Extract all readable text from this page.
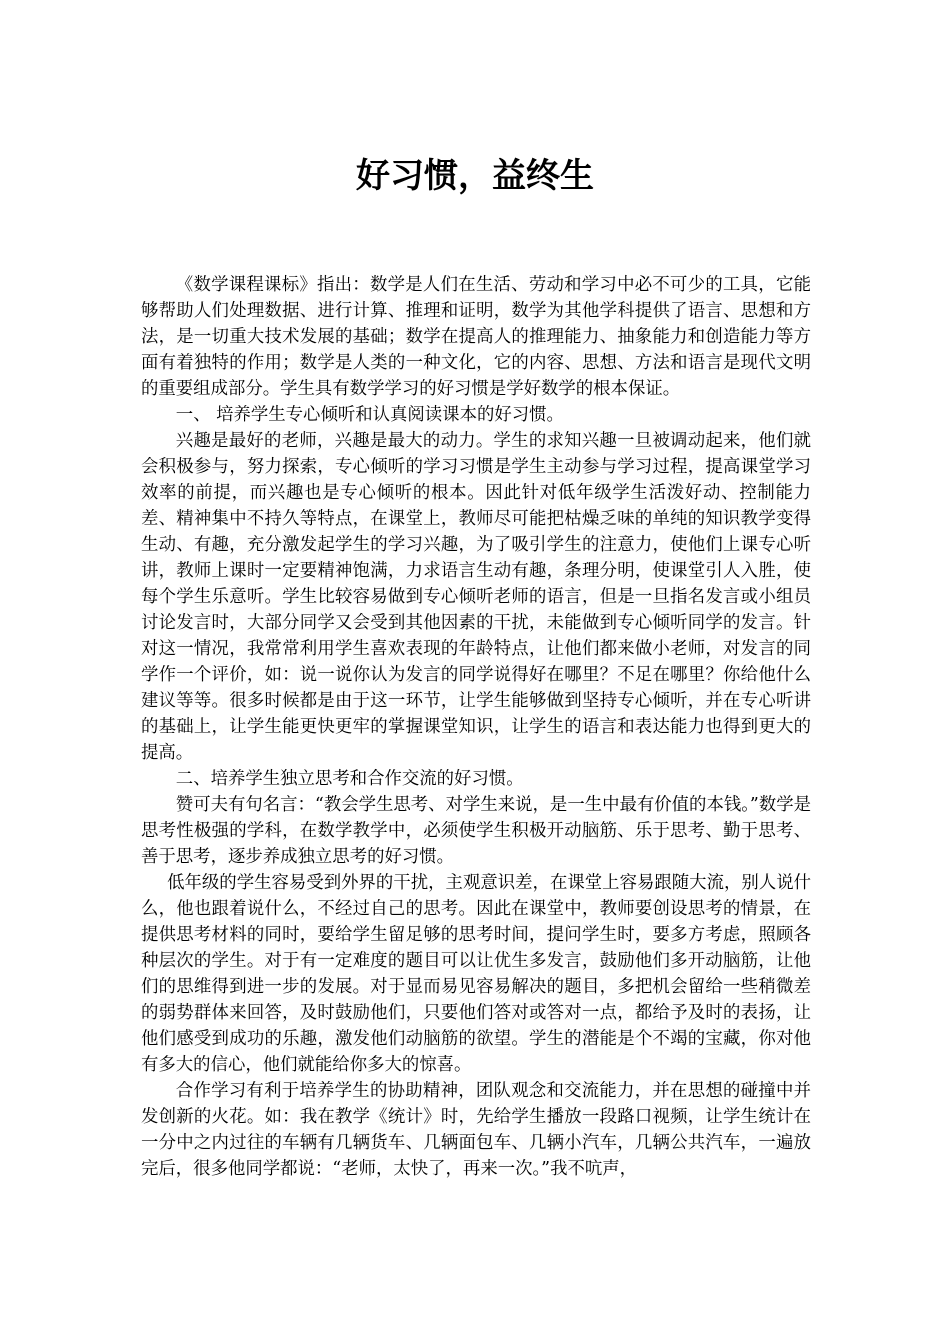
好习惯，益终生

《数学课程课标》指出：数学是人们在生活、劳动和学习中必不可少的工具，它能够帮助人们处理数据、进行计算、推理和证明，数学为其他学科提供了语言、思想和方法，是一切重大技术发展的基础；数学在提高人的推理能力、抽象能力和创造能力等方面有着独特的作用；数学是人类的一种文化，它的内容、思想、方法和语言是现代文明的重要组成部分。学生具有数学学习的好习惯是学好数学的根本保证。

一、 培养学生专心倾听和认真阅读课本的好习惯。

兴趣是最好的老师，兴趣是最大的动力。学生的求知兴趣一旦被调动起来，他们就会积极参与，努力探索，专心倾听的学习习惯是学生主动参与学习过程，提高课堂学习效率的前提，而兴趣也是专心倾听的根本。因此针对低年级学生活泼好动、控制能力差、精神集中不持久等特点，在课堂上，教师尽可能把枯燥乏味的单纯的知识教学变得生动、有趣，充分激发起学生的学习兴趣，为了吸引学生的注意力，使他们上课专心听讲，教师上课时一定要精神饱满，力求语言生动有趣，条理分明，使课堂引人入胜，使每个学生乐意听。学生比较容易做到专心倾听老师的语言，但是一旦指名发言或小组员讨论发言时，大部分同学又会受到其他因素的干扰，未能做到专心倾听同学的发言。针对这一情况，我常常利用学生喜欢表现的年龄特点，让他们都来做小老师，对发言的同学作一个评价，如：说一说你认为发言的同学说得好在哪里？不足在哪里？你给他什么建议等等。很多时候都是由于这一环节，让学生能够做到坚持专心倾听，并在专心听讲的基础上，让学生能更快更牢的掌握课堂知识，让学生的语言和表达能力也得到更大的提高。

二、培养学生独立思考和合作交流的好习惯。

赞可夫有句名言：“教会学生思考、对学生来说，是一生中最有价值的本钱。”数学是思考性极强的学科，在数学教学中，必须使学生积极开动脑筋、乐于思考、勤于思考、善于思考，逐步养成独立思考的好习惯。

低年级的学生容易受到外界的干扰，主观意识差，在课堂上容易跟随大流，别人说什么，他也跟着说什么，不经过自己的思考。因此在课堂中，教师要创设思考的情景，在提供思考材料的同时，要给学生留足够的思考时间，提问学生时，要多方考虑，照顾各种层次的学生。对于有一定难度的题目可以让优生多发言，鼓励他们多开动脑筋，让他们的思维得到进一步的发展。对于显而易见容易解决的题目，多把机会留给一些稍微差的弱势群体来回答，及时鼓励他们，只要他们答对或答对一点，都给予及时的表扬，让他们感受到成功的乐趣，激发他们动脑筋的欲望。学生的潜能是个不竭的宝藏，你对他有多大的信心，他们就能给你多大的惊喜。

合作学习有利于培养学生的协助精神，团队观念和交流能力，并在思想的碰撞中并发创新的火花。如：我在教学《统计》时，先给学生播放一段路口视频，让学生统计在一分中之内过往的车辆有几辆货车、几辆面包车、几辆小汽车，几辆公共汽车，一遍放完后，很多他同学都说：“老师，太快了，再来一次。”我不吭声，
